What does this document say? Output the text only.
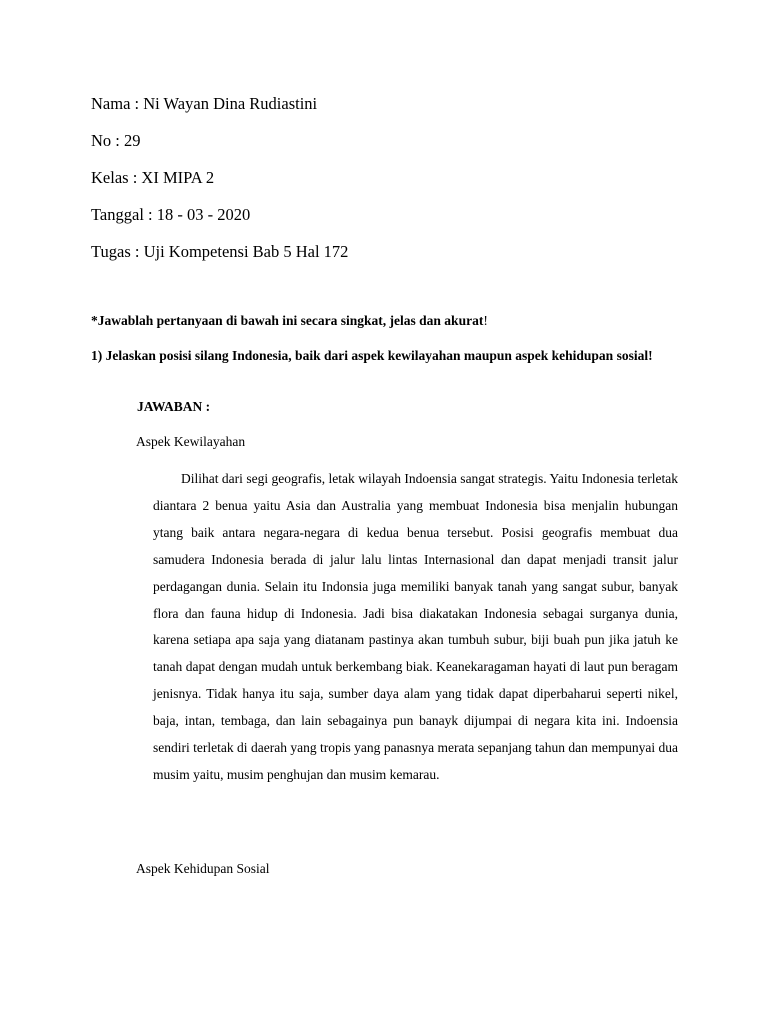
Nama : Ni Wayan Dina Rudiastini
No : 29
Kelas : XI MIPA 2
Tanggal : 18 - 03 - 2020
Tugas : Uji Kompetensi Bab 5 Hal 172
*Jawablah pertanyaan di bawah ini secara singkat, jelas dan akurat!
1) Jelaskan posisi silang Indonesia, baik dari aspek kewilayahan maupun aspek kehidupan sosial!
JAWABAN :
Aspek Kewilayahan

Dilihat dari segi geografis, letak wilayah Indoensia sangat strategis. Yaitu Indonesia terletak diantara 2 benua yaitu Asia dan Australia yang membuat Indonesia bisa menjalin hubungan ytang baik antara negara-negara di kedua benua tersebut. Posisi geografis membuat dua samudera Indonesia berada di jalur lalu lintas Internasional dan dapat menjadi transit jalur perdagangan dunia. Selain itu Indonsia juga memiliki banyak tanah yang sangat subur, banyak flora dan fauna hidup di Indonesia. Jadi bisa diakatakan Indonesia sebagai surganya dunia, karena setiapa apa saja yang diatanam pastinya akan tumbuh subur, biji buah pun jika jatuh ke tanah dapat dengan mudah untuk berkembang biak. Keanekaragaman hayati di laut pun beragam jenisnya. Tidak hanya itu saja, sumber daya alam yang tidak dapat diperbaharui seperti nikel, baja, intan, tembaga, dan lain sebagainya pun banayk dijumpai di negara kita ini. Indoensia sendiri terletak di daerah yang tropis yang panasnya merata sepanjang tahun dan mempunyai dua musim yaitu, musim penghujan dan musim kemarau.

Aspek Kehidupan Sosial
